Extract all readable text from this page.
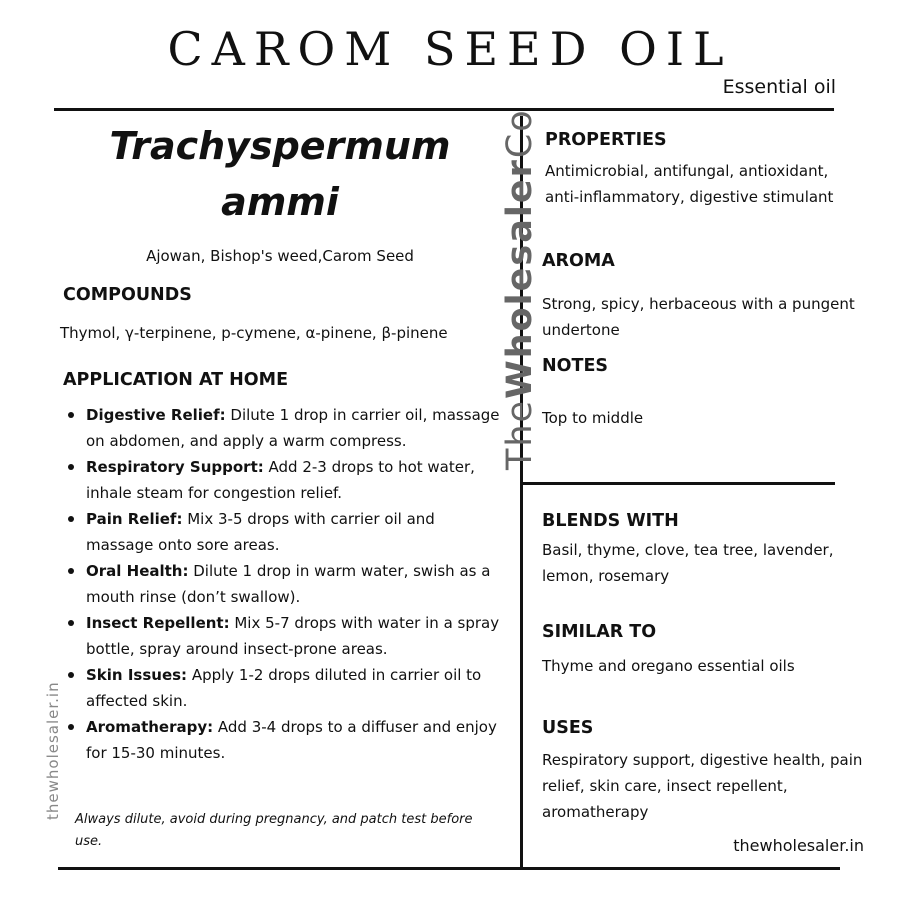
CAROM SEED OIL
Essential oil
Trachyspermum
ammi
Ajowan, Bishop's weed,Carom Seed
COMPOUNDS
Thymol, γ-terpinene, p-cymene, α-pinene, β-pinene
APPLICATION AT HOME
Digestive Relief: Dilute 1 drop in carrier oil, massage on abdomen, and apply a warm compress.
Respiratory Support: Add 2-3 drops to hot water, inhale steam for congestion relief.
Pain Relief: Mix 3-5 drops with carrier oil and massage onto sore areas.
Oral Health: Dilute 1 drop in warm water, swish as a mouth rinse (don’t swallow).
Insect Repellent: Mix 5-7 drops with water in a spray bottle, spray around insect-prone areas.
Skin Issues: Apply 1-2 drops diluted in carrier oil to affected skin.
Aromatherapy: Add 3-4 drops to a diffuser and enjoy for 15-30 minutes.
Always dilute, avoid during pregnancy, and patch test before use.
TheWholesalerCo
thewholesaler.in
PROPERTIES
Antimicrobial, antifungal, antioxidant, anti-inflammatory, digestive stimulant
AROMA
Strong, spicy, herbaceous with a pungent undertone
NOTES
Top to middle
BLENDS WITH
Basil, thyme, clove, tea tree, lavender, lemon, rosemary
SIMILAR TO
Thyme and oregano essential oils
USES
Respiratory support, digestive health, pain relief, skin care, insect repellent, aromatherapy
thewholesaler.in
